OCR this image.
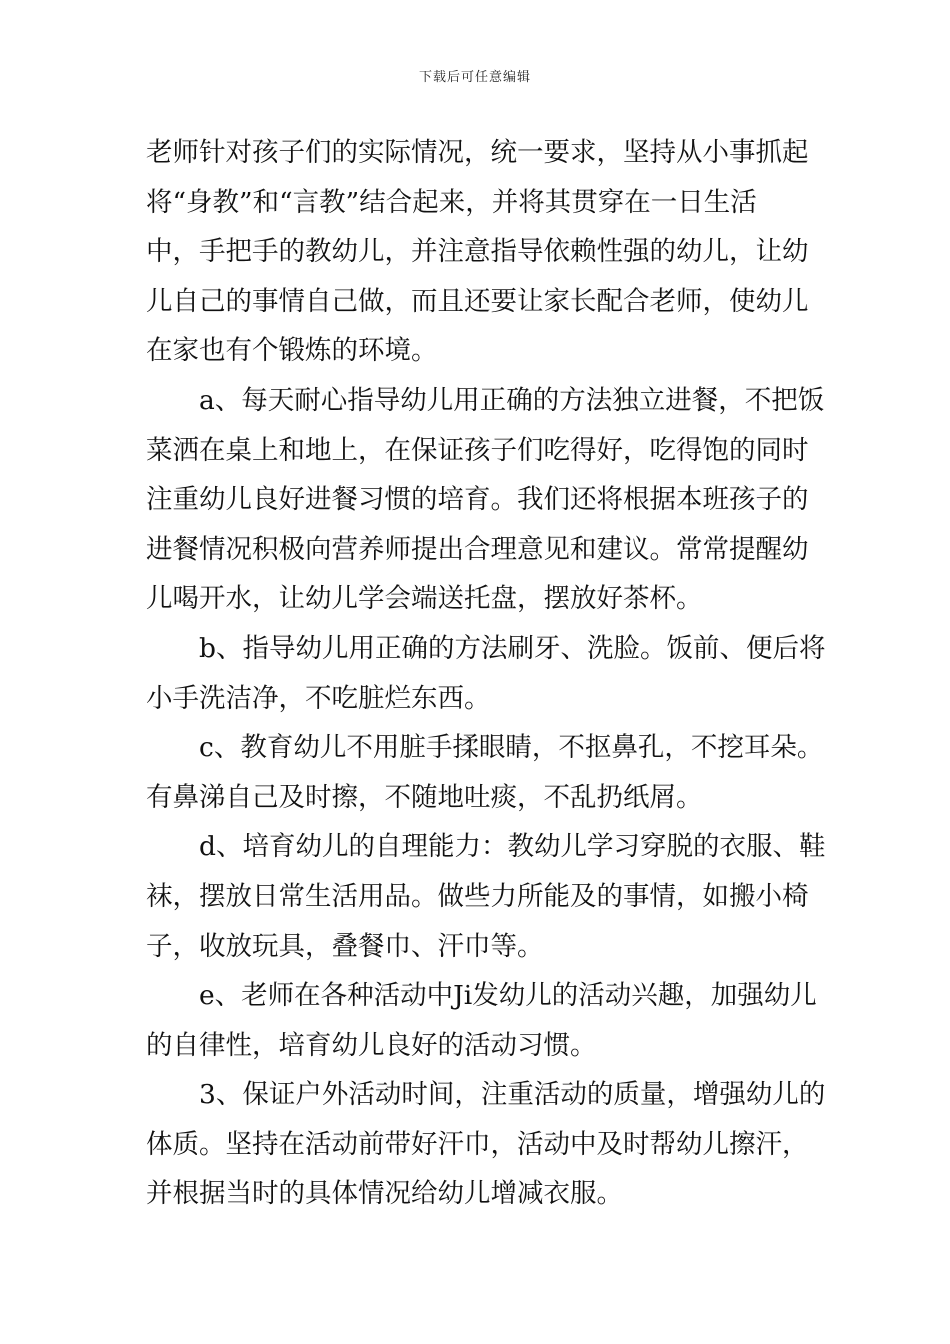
下载后可任意编辑
老师针对孩子们的实际情况，统一要求，坚持从小事抓起
将“身教”和“言教”结合起来，并将其贯穿在一日生活
中，手把手的教幼儿，并注意指导依赖性强的幼儿，让幼
儿自己的事情自己做，而且还要让家长配合老师，使幼儿
在家也有个锻炼的环境。
a、每天耐心指导幼儿用正确的方法独立进餐，不把饭
菜洒在桌上和地上，在保证孩子们吃得好，吃得饱的同时
注重幼儿良好进餐习惯的培育。我们还将根据本班孩子的
进餐情况积极向营养师提出合理意见和建议。常常提醒幼
儿喝开水，让幼儿学会端送托盘，摆放好茶杯。
b、指导幼儿用正确的方法刷牙、洗脸。饭前、便后将
小手洗洁净，不吃脏烂东西。
c、教育幼儿不用脏手揉眼睛，不抠鼻孔，不挖耳朵。
有鼻涕自己及时擦，不随地吐痰，不乱扔纸屑。
d、培育幼儿的自理能力：教幼儿学习穿脱的衣服、鞋
袜，摆放日常生活用品。做些力所能及的事情，如搬小椅
子，收放玩具，叠餐巾、汗巾等。
e、老师在各种活动中Ji发幼儿的活动兴趣，加强幼儿
的自律性，培育幼儿良好的活动习惯。
3、保证户外活动时间，注重活动的质量，增强幼儿的
体质。坚持在活动前带好汗巾，活动中及时帮幼儿擦汗，
并根据当时的具体情况给幼儿增减衣服。
